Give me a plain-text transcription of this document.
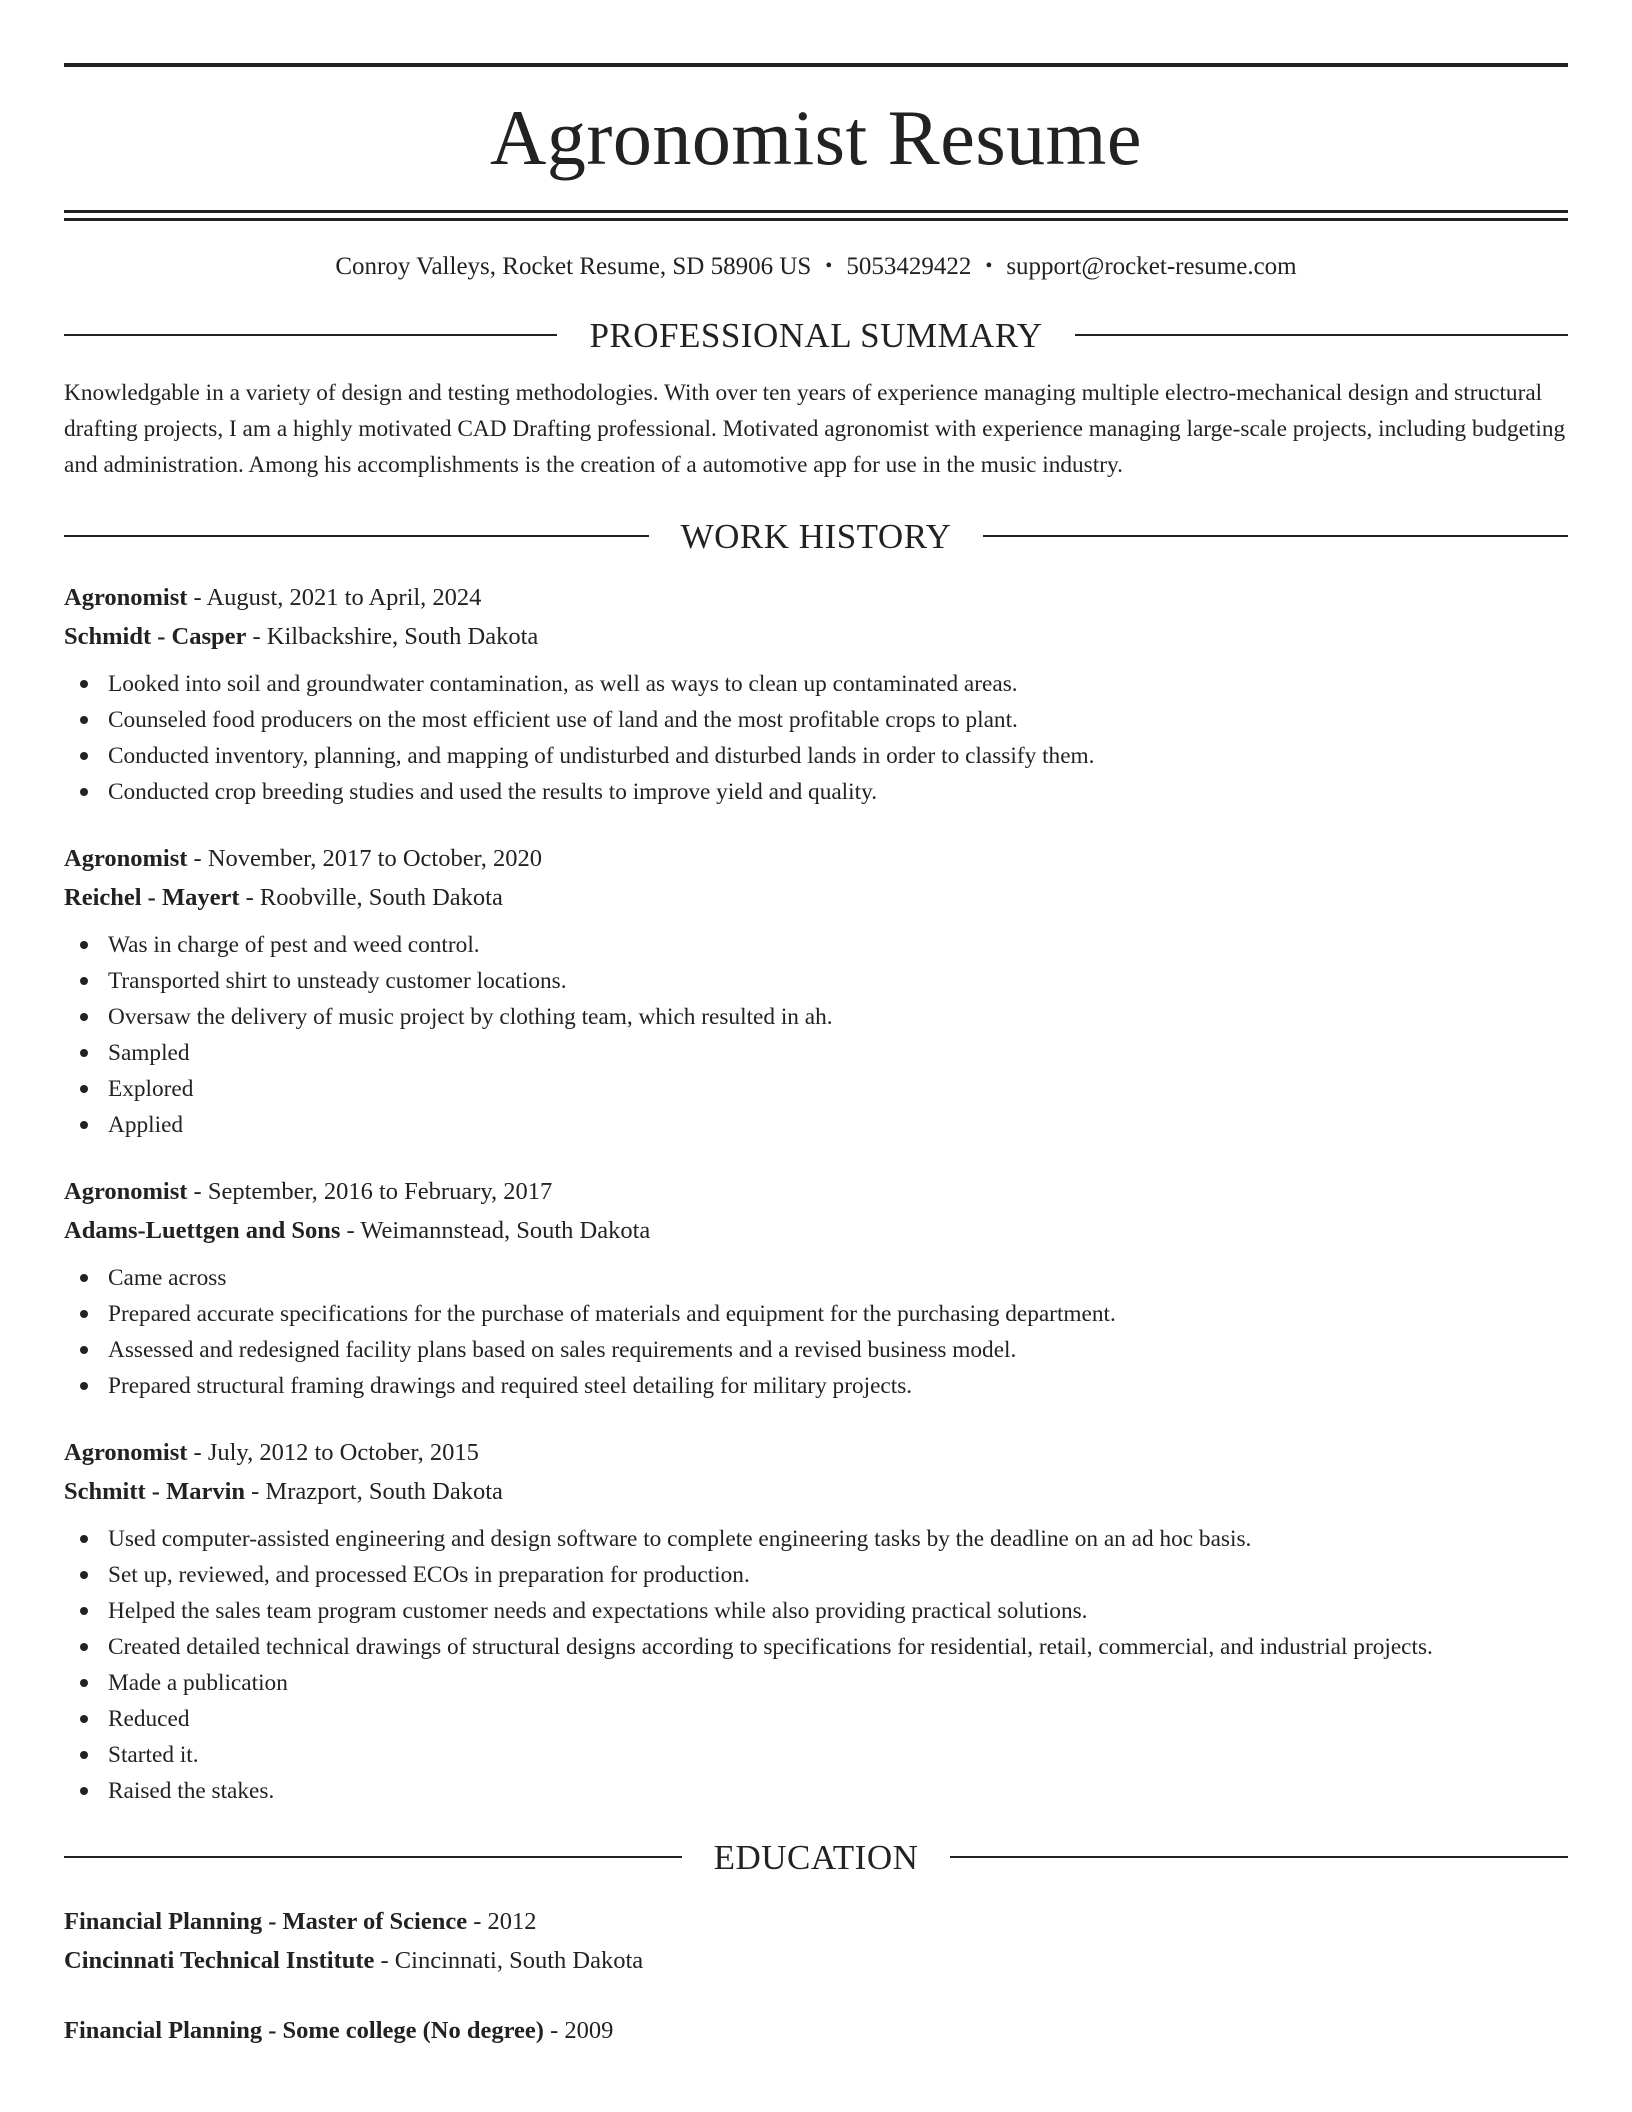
Agronomist Resume
Conroy Valleys, Rocket Resume, SD 58906 US • 5053429422 • support@rocket-resume.com
PROFESSIONAL SUMMARY

Knowledgable in a variety of design and testing methodologies. With over ten years of experience managing multiple electro-mechanical design and structural drafting projects, I am a highly motivated CAD Drafting professional. Motivated agronomist with experience managing large-scale projects, including budgeting and administration. Among his accomplishments is the creation of a automotive app for use in the music industry.

WORK HISTORY
Agronomist - August, 2021 to April, 2024
Schmidt - Casper - Kilbackshire, South Dakota
Looked into soil and groundwater contamination, as well as ways to clean up contaminated areas.
Counseled food producers on the most efficient use of land and the most profitable crops to plant.
Conducted inventory, planning, and mapping of undisturbed and disturbed lands in order to classify them.
Conducted crop breeding studies and used the results to improve yield and quality.
Agronomist - November, 2017 to October, 2020
Reichel - Mayert - Roobville, South Dakota
Was in charge of pest and weed control.
Transported shirt to unsteady customer locations.
Oversaw the delivery of music project by clothing team, which resulted in ah.
Sampled
Explored
Applied
Agronomist - September, 2016 to February, 2017
Adams-Luettgen and Sons - Weimannstead, South Dakota
Came across
Prepared accurate specifications for the purchase of materials and equipment for the purchasing department.
Assessed and redesigned facility plans based on sales requirements and a revised business model.
Prepared structural framing drawings and required steel detailing for military projects.
Agronomist - July, 2012 to October, 2015
Schmitt - Marvin - Mrazport, South Dakota
Used computer-assisted engineering and design software to complete engineering tasks by the deadline on an ad hoc basis.
Set up, reviewed, and processed ECOs in preparation for production.
Helped the sales team program customer needs and expectations while also providing practical solutions.
Created detailed technical drawings of structural designs according to specifications for residential, retail, commercial, and industrial projects.
Made a publication
Reduced
Started it.
Raised the stakes.
EDUCATION
Financial Planning - Master of Science - 2012
Cincinnati Technical Institute - Cincinnati, South Dakota
Financial Planning - Some college (No degree) - 2009
